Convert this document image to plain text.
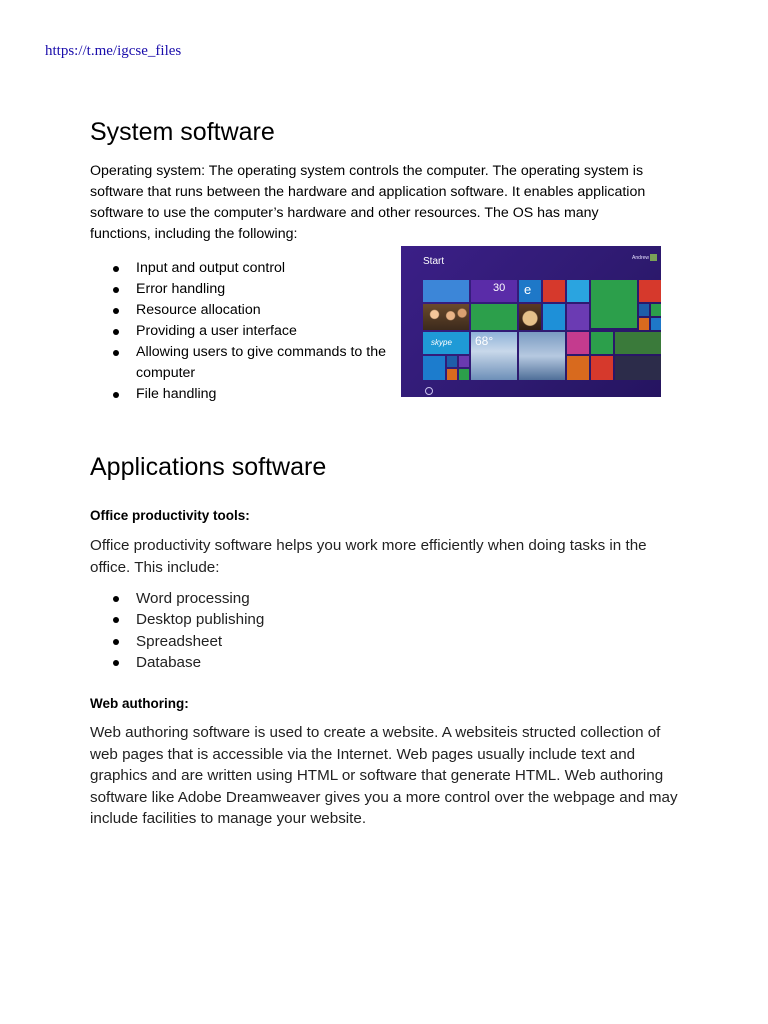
https://t.me/igcse_files
System software

Operating system: The operating system controls the computer. The operating system is software that runs between the hardware and application software. It enables application software to use the computer’s hardware and other resources. The OS has many functions, including the following:

Input and output control
Error handling
Resource allocation
Providing a user interface
Allowing users to give commands to the computer
File handling
Start	Andrew
skype
30
68°
e
Applications software

Office productivity tools:

Office productivity software helps you work more efficiently when doing tasks in the office. This include:

Word processing
Desktop publishing
Spreadsheet
Database

Web authoring:

Web authoring software is used to create a website. A websiteis structed collection of web pages that is accessible via the Internet. Web pages usually include text and graphics and are written using HTML or software that generate HTML. Web authoring software like Adobe Dreamweaver gives you a more control over the webpage and may include facilities to manage your website.
